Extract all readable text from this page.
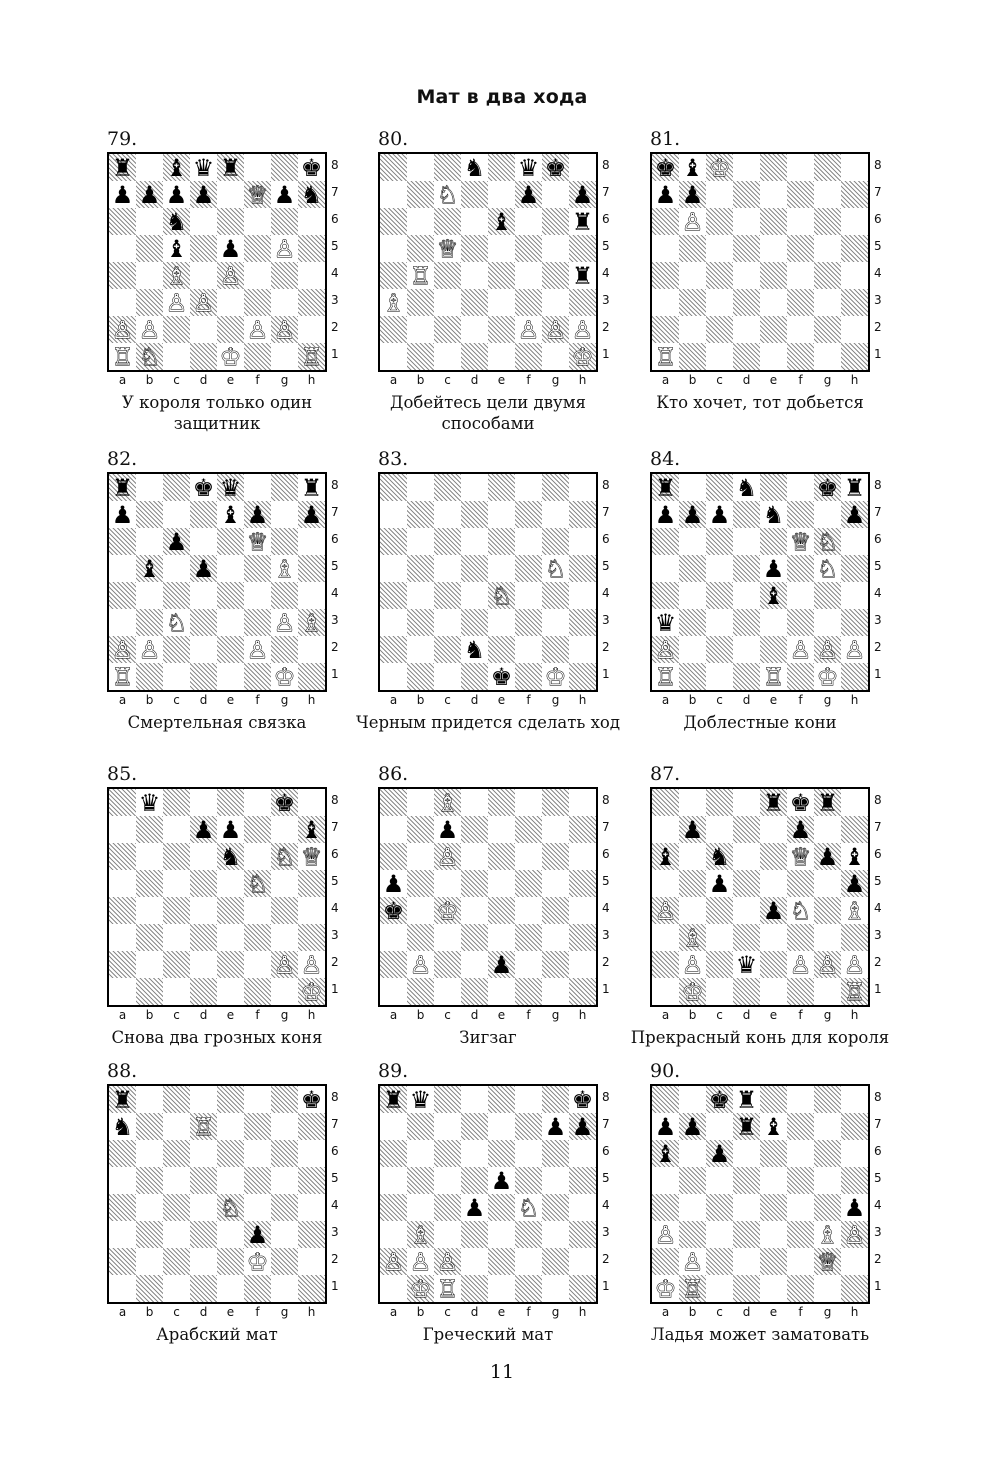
Мат в два хода
79.
♜ ♝ ♛ ♜ ♚
♟ ♟ ♟ ♟ ♕ ♟ ♞
♞
♝ ♟ ♙
♗ ♙
♙ ♙
♙ ♙	♙ ♙
♖ ♘ ♔ ♖
8
7
6
5
4
3
2
1
a	b	c	d	e	f	g	h
У короля только один защитник
80.
♞ ♛ ♚
♘ ♟ ♟
♝ ♜
♕
♖	♜
♗
♙ ♙ ♙
♔
8
7
6
5
4
3
2
1
a	b	c	d	e	f	g	h
Добейтесь цели двумя способами
81.
♚ ♝ ♔
♟ ♟
♙
♖
8
7
6
5
4
3
2
1
a	b	c	d	e	f	g	h
Кто хочет, тот добьется
82.
♜ ♚ ♛ ♜
♟	♝ ♟ ♟
♟ ♕
♝ ♟ ♗
♘	♙ ♗
♙ ♙	♙
♖	♔
8
7
6
5
4
3
2
1
a	b	c	d	e	f	g	h
Смертельная связка
83.
♘
♘
♞
♚ ♔
8
7
6
5
4
3
2
1
a	b	c	d	e	f	g	h
Черным придется сделать ход
84.
♜ ♞ ♚ ♜
♟ ♟ ♟ ♞ ♟
♕ ♘
♟ ♘
♝
♛
♙	♙ ♙ ♙
♖	♖ ♔
8
7
6
5
4
3
2
1
a	b	c	d	e	f	g	h
Доблестные кони
85.
♛	♚
♟ ♟ ♝
♞ ♘ ♕
♘
♙ ♙
♔
8
7
6
5
4
3
2
1
a	b	c	d	e	f	g	h
Снова два грозных коня
86.
♗
♟
♙
♟
♚ ♔
♙ ♟
8
7
6
5
4
3
2
1
a	b	c	d	e	f	g	h
Зигзаг
87.
♜ ♚ ♜
♟	♟
♝ ♞ ♕ ♟ ♝
♟	♟
♙	♟ ♘ ♗
♗
♙ ♛ ♙ ♙ ♙
♔	♖
8
7
6
5
4
3
2
1
a	b	c	d	e	f	g	h
Прекрасный конь для короля
88.
♜	♚
♞ ♖
♘
♟
♔
8
7
6
5
4
3
2
1
a	b	c	d	e	f	g	h
Арабский мат
89.
♜ ♛	♚
♟ ♟
♟
♟ ♘
♗
♙ ♙ ♙
♔ ♖
8
7
6
5
4
3
2
1
a	b	c	d	e	f	g	h
Греческий мат
90.
♚ ♜
♟ ♟ ♜ ♝
♝ ♟
♟
♙	♗ ♙
♙	♕
♔ ♖
8
7
6
5
4
3
2
1
a	b	c	d	e	f	g	h
Ладья может заматовать
11
